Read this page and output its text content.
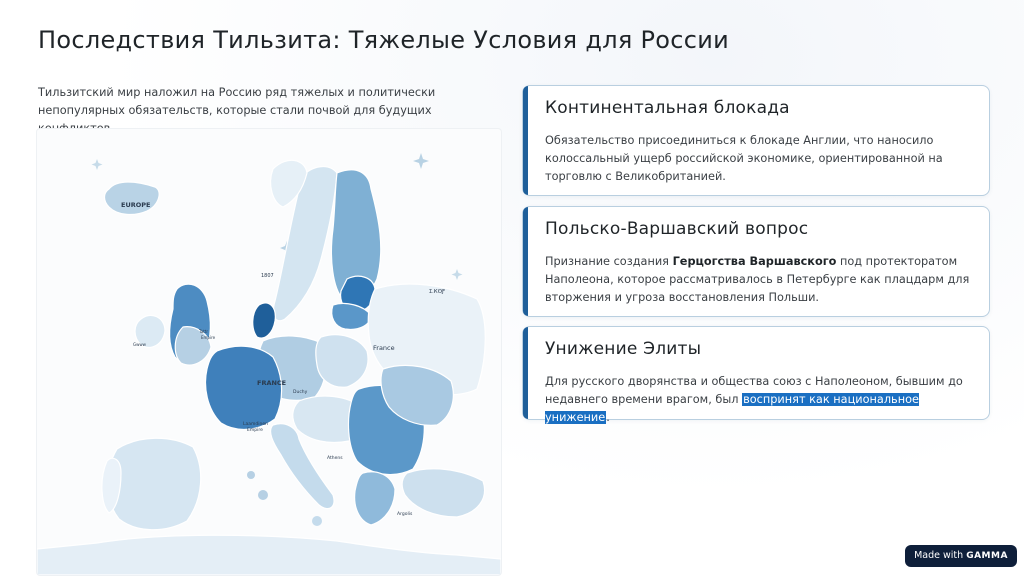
Последствия Тильзита: Тяжелые Условия для России

Тильзитский мир наложил на Россию ряд тяжелых и политически непопулярных обязательств, которые стали почвой для будущих

EUROPE
1807
France
Ɪ.КʘƑ
Tattr
Empire
Gwww
Duchy
FRANCE
Laamdinen
Empire
Athens
Argolis
Континентальная блокада

Обязательство присоединиться к блокаде Англии, что наносило колоссальный ущерб российской экономике, ориентированной на торговлю с Великобританией.

Польско-Варшавский вопрос

Признание создания Герцогства Варшавского под протекторатом Наполеона, которое рассматривалось в Петербурге как плацдарм для вторжения и угроза восстановления Польши.

Унижение Элиты

Для русского дворянства и общества союз с Наполеоном, бывшим до недавнего времени врагом, был воспринят как национальное унижение.

Made with GAMMA
